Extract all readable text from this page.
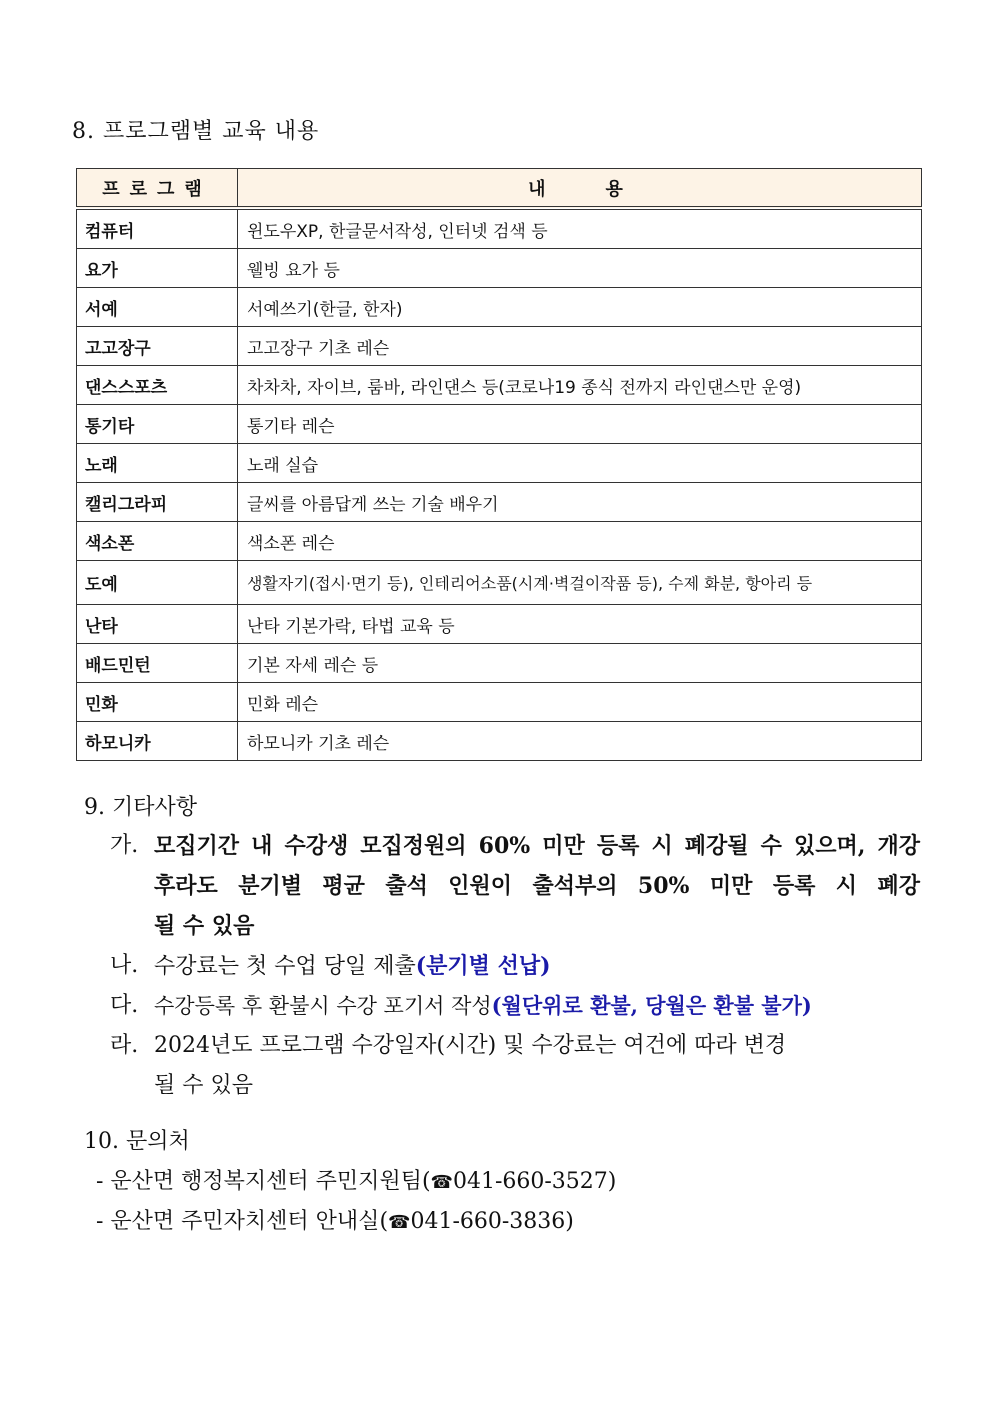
8. 프로그램별 교육 내용
프로그램	내용
컴퓨터	윈도우XP, 한글문서작성, 인터넷 검색 등
요가	웰빙 요가 등
서예	서예쓰기(한글, 한자)
고고장구	고고장구 기초 레슨
댄스스포츠	차차차, 자이브, 룸바, 라인댄스 등(코로나19 종식 전까지 라인댄스만 운영)
통기타	통기타 레슨
노래	노래 실습
캘리그라피	글씨를 아름답게 쓰는 기술 배우기
색소폰	색소폰 레슨
도예	생활자기(접시·면기 등), 인테리어소품(시계·벽걸이작품 등), 수제 화분, 항아리 등
난타	난타 기본가락, 타법 교육 등
배드민턴	기본 자세 레슨 등
민화	민화 레슨
하모니카	하모니카 기초 레슨
9. 기타사항
가. 모집기간 내 수강생 모집정원의 60% 미만 등록 시 폐강될 수 있으며, 개강
후라도 분기별 평균 출석 인원이 출석부의 50% 미만 등록 시 폐강
될 수 있음
나. 수강료는 첫 수업 당일 제출(분기별 선납)
다. 수강등록 후 환불시 수강 포기서 작성(월단위로 환불, 당월은 환불 불가)
라. 2024년도 프로그램 수강일자(시간) 및 수강료는 여건에 따라 변경
될 수 있음
10. 문의처
- 운산면 행정복지센터 주민지원팀(☎041-660-3527)
- 운산면 주민자치센터 안내실(☎041-660-3836)
